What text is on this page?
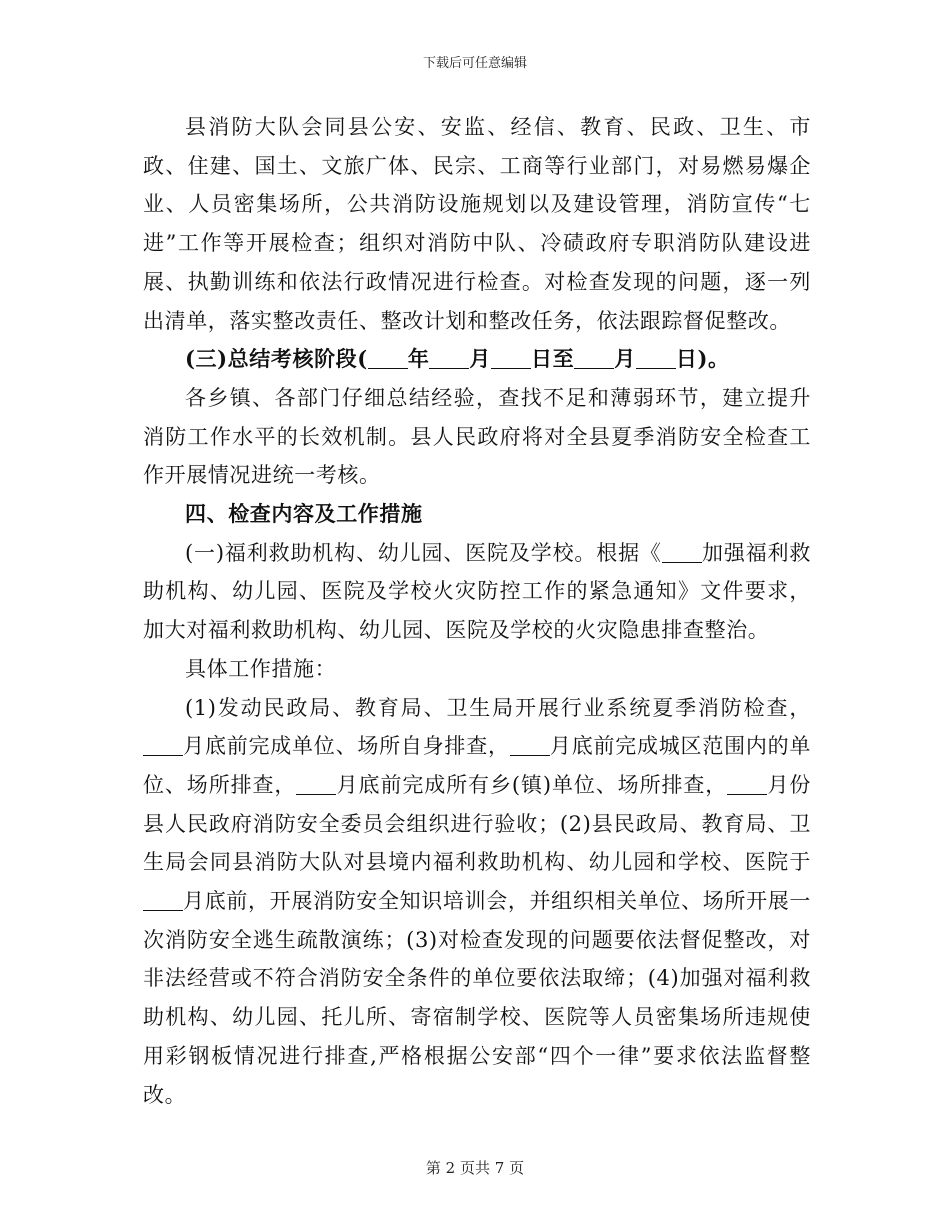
下载后可任意编辑

县消防大队会同县公安、安监、经信、教育、民政、卫生、市政、住建、国土、文旅广体、民宗、工商等行业部门，对易燃易爆企业、人员密集场所，公共消防设施规划以及建设管理，消防宣传“七进”工作等开展检查；组织对消防中队、冷碛政府专职消防队建设进展、执勤训练和依法行政情况进行检查。对检查发现的问题，逐一列出清单，落实整改责任、整改计划和整改任务，依法跟踪督促整改。

(三)总结考核阶段( 年 月 日至 月 日)。

各乡镇、各部门仔细总结经验，查找不足和薄弱环节，建立提升消防工作水平的长效机制。县人民政府将对全县夏季消防安全检查工作开展情况进统一考核。

四、检查内容及工作措施

(一)福利救助机构、幼儿园、医院及学校。根据《 加强福利救助机构、幼儿园、医院及学校火灾防控工作的紧急通知》文件要求，加大对福利救助机构、幼儿园、医院及学校的火灾隐患排查整治。

具体工作措施：

(1)发动民政局、教育局、卫生局开展行业系统夏季消防检查，月底前完成单位、场所自身排查， 月底前完成城区范围内的单位、场所排查， 月底前完成所有乡(镇)单位、场所排查， 月份县人民政府消防安全委员会组织进行验收；(2)县民政局、教育局、卫生局会同县消防大队对县境内福利救助机构、幼儿园和学校、医院于月底前，开展消防安全知识培训会，并组织相关单位、场所开展一次消防安全逃生疏散演练；(3)对检查发现的问题要依法督促整改，对非法经营或不符合消防安全条件的单位要依法取缔；(4)加强对福利救助机构、幼儿园、托儿所、寄宿制学校、医院等人员密集场所违规使用彩钢板情况进行排查,严格根据公安部“四个一律”要求依法监督整改。

第 2 页共 7 页
